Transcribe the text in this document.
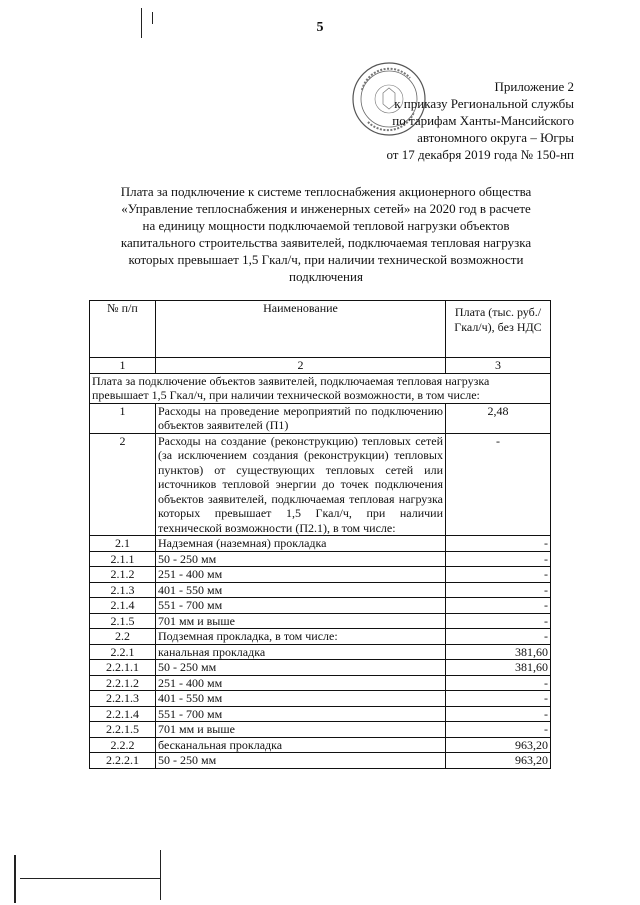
5
Приложение 2
к приказу Региональной службы
по тарифам Ханты-Мансийского
автономного округа – Югры
от 17 декабря 2019 года № 150-нп
Плата за подключение к системе теплоснабжения акционерного общества
«Управление теплоснабжения и инженерных сетей» на 2020 год в расчете
на единицу мощности подключаемой тепловой нагрузки объектов
капитального строительства заявителей, подключаемая тепловая нагрузка
которых превышает 1,5 Гкал/ч, при наличии технической возможности
подключения
№ п/п	Наименование	Плата (тыс. руб./Гкал/ч), без НДС
1	2	3
Плата за подключение объектов заявителей, подключаемая тепловая нагрузка превышает 1,5 Гкал/ч, при наличии технической возможности, в том числе:		
1	Расходы на проведение мероприятий по подключению объектов заявителей (П1)	2,48
2	Расходы на создание (реконструкцию) тепловых сетей (за исключением создания (реконструкции) тепловых пунктов) от существующих тепловых сетей или источников тепловой энергии до точек подключения объектов заявителей, подключаемая тепловая нагрузка которых превышает 1,5 Гкал/ч, при наличии технической возможности (П2.1), в том числе:	-
2.1	Надземная (наземная) прокладка	-
2.1.1	50 - 250 мм	-
2.1.2	251 - 400 мм	-
2.1.3	401 - 550 мм	-
2.1.4	551 - 700 мм	-
2.1.5	701 мм и выше	-
2.2	Подземная прокладка, в том числе:	-
2.2.1	канальная прокладка	381,60
2.2.1.1	50 - 250 мм	381,60
2.2.1.2	251 - 400 мм	-
2.2.1.3	401 - 550 мм	-
2.2.1.4	551 - 700 мм	-
2.2.1.5	701 мм и выше	-
2.2.2	бесканальная прокладка	963,20
2.2.2.1	50 - 250 мм	963,20
